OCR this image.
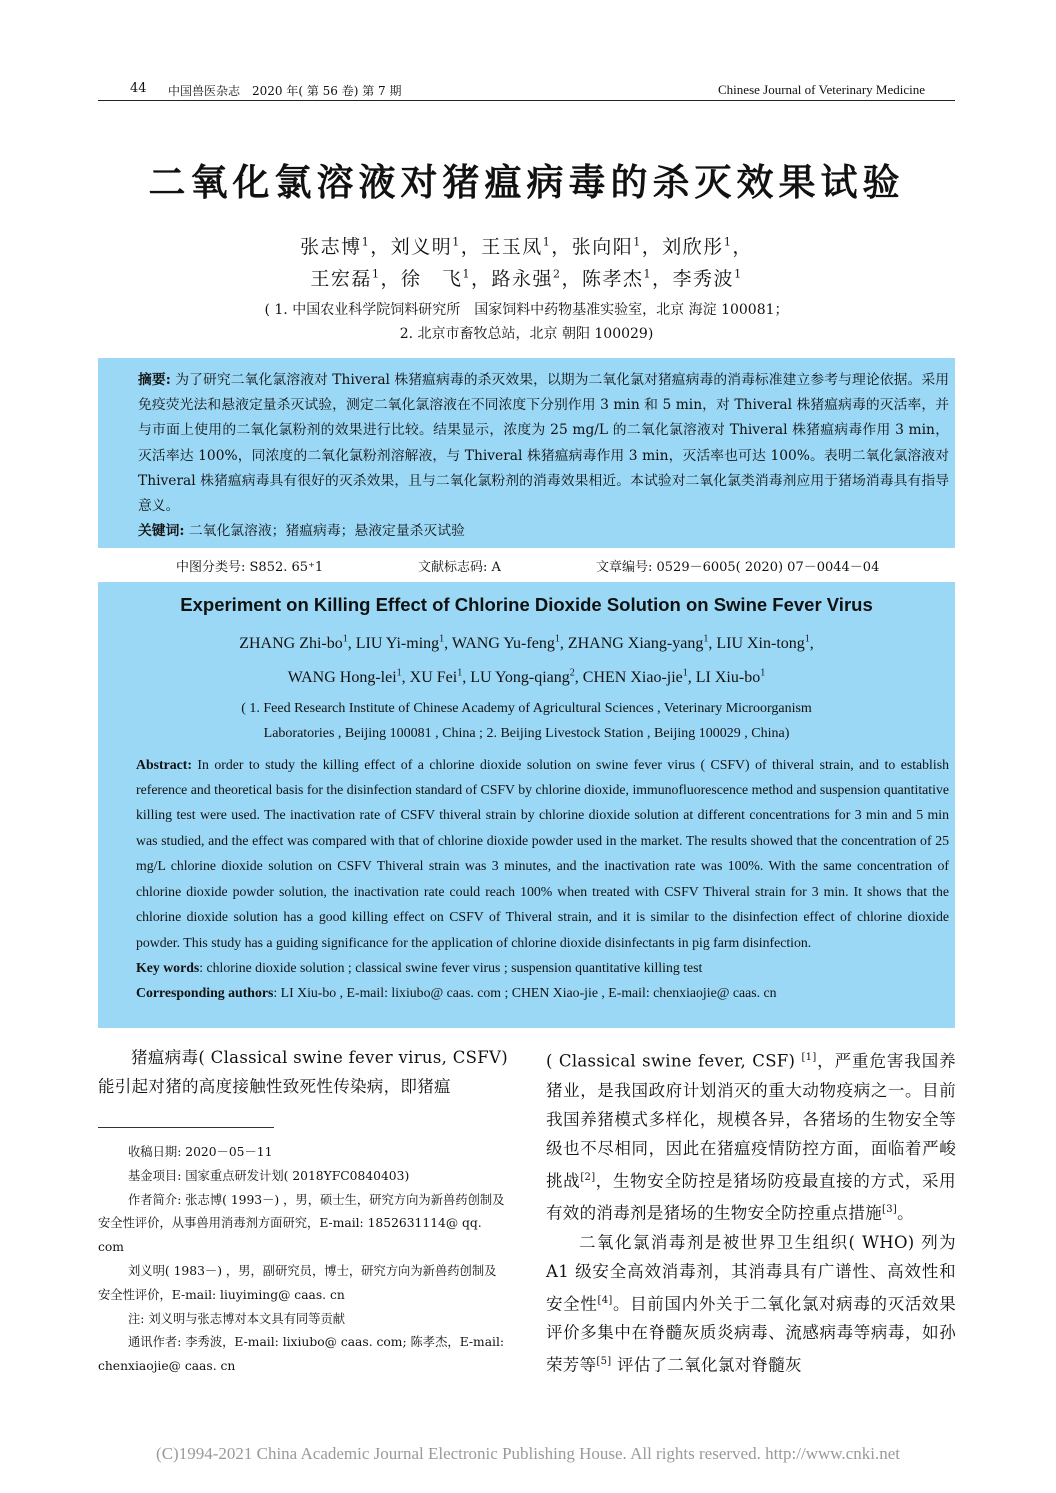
44 中国兽医杂志　2020 年( 第 56 卷) 第 7 期	Chinese Journal of Veterinary Medicine
二氧化氯溶液对猪瘟病毒的杀灭效果试验
张志博$^1$，刘义明$^1$，王玉凤$^1$，张向阳$^1$，刘欣彤$^1$，
王宏磊$^1$，徐　飞$^1$，路永强$^2$，陈孝杰$^1$，李秀波$^1$
( 1. 中国农业科学院饲料研究所　国家饲料中药物基准实验室，北京 海淀 100081；
2. 北京市畜牧总站，北京 朝阳 100029)

摘要: 为了研究二氧化氯溶液对 Thiveral 株猪瘟病毒的杀灭效果，以期为二氧化氯对猪瘟病毒的消毒标准建立参考与理论依据。采用免疫荧光法和悬液定量杀灭试验，测定二氧化氯溶液在不同浓度下分别作用 3 min 和 5 min，对 Thiveral 株猪瘟病毒的灭活率，并与市面上使用的二氧化氯粉剂的效果进行比较。结果显示，浓度为 25 mg/L 的二氧化氯溶液对 Thiveral 株猪瘟病毒作用 3 min，灭活率达 100%，同浓度的二氧化氯粉剂溶解液，与 Thiveral 株猪瘟病毒作用 3 min，灭活率也可达 100%。表明二氧化氯溶液对 Thiveral 株猪瘟病毒具有很好的灭杀效果，且与二氧化氯粉剂的消毒效果相近。本试验对二氧化氯类消毒剂应用于猪场消毒具有指导意义。

关键词: 二氧化氯溶液；猪瘟病毒；悬液定量杀灭试验

中图分类号: S852. 65⁺1	文献标志码: A	文章编号: 0529－6005( 2020) 07－0044－04
Experiment on Killing Effect of Chlorine Dioxide Solution on Swine Fever Virus
ZHANG Zhi-$bo^1$, LIU Yi-ming$^1$, WANG Yu-feng$^1$, ZHANG Xiang-yang$^1$, LIU Xin-tong$^1$,
WANG Hong-lei$^1$, XU Fei$^1$, LU Yong-qiang$^2$, CHEN Xiao-jie$^1$, LI Xiu-$bo^1$
( 1. Feed Research Institute of Chinese Academy of Agricultural Sciences , Veterinary Microorganism
Laboratories , Beijing 100081 , China ; 2. Beijing Livestock Station , Beijing 100029 , China)

Abstract: In order to study the killing effect of a chlorine dioxide solution on swine fever virus ( CSFV) of thiveral strain, and to establish reference and theoretical basis for the disinfection standard of CSFV by chlorine dioxide, immunofluorescence method and suspension quantitative killing test were used. The inactivation rate of CSFV thiveral strain by chlorine dioxide solution at different concentrations for 3 min and 5 min was studied, and the effect was compared with that of chlorine dioxide powder used in the market. The results showed that the concentration of 25 mg/L chlorine dioxide solution on CSFV Thiveral strain was 3 minutes, and the inactivation rate was 100%. With the same concentration of chlorine dioxide powder solution, the inactivation rate could reach 100% when treated with CSFV Thiveral strain for 3 min. It shows that the chlorine dioxide solution has a good killing effect on CSFV of Thiveral strain, and it is similar to the disinfection effect of chlorine dioxide powder. This study has a guiding significance for the application of chlorine dioxide disinfectants in pig farm disinfection.

Key words: chlorine dioxide solution ; classical swine fever virus ; suspension quantitative killing test

Corresponding authors: LI Xiu-bo , E-mail: lixiubo@ caas. com ; CHEN Xiao-jie , E-mail: chenxiaojie@ caas. cn

猪瘟病毒( Classical swine fever virus, CSFV) 能引起对猪的高度接触性致死性传染病，即猪瘟

( Classical swine fever, CSF) [1]，严重危害我国养猪业，是我国政府计划消灭的重大动物疫病之一。目前我国养猪模式多样化，规模各异，各猪场的生物安全等级也不尽相同，因此在猪瘟疫情防控方面，面临着严峻挑战[2]，生物安全防控是猪场防疫最直接的方式，采用有效的消毒剂是猪场的生物安全防控重点措施[3]。

二氧化氯消毒剂是被世界卫生组织( WHO) 列为 A1 级安全高效消毒剂，其消毒具有广谱性、高效性和安全性[4]。目前国内外关于二氧化氯对病毒的灭活效果评价多集中在脊髓灰质炎病毒、流感病毒等病毒，如孙荣芳等[5] 评估了二氧化氯对脊髓灰

收稿日期: 2020－05－11

基金项目: 国家重点研发计划( 2018YFC0840403)

作者简介: 张志博( 1993－) ，男，硕士生，研究方向为新兽药创制及安全性评价，从事兽用消毒剂方面研究，E-mail: 1852631114@ qq. com

刘义明( 1983－) ，男，副研究员，博士，研究方向为新兽药创制及安全性评价，E-mail: liuyiming@ caas. cn

注: 刘义明与张志博对本文具有同等贡献

通讯作者: 李秀波，E-mail: lixiubo@ caas. com; 陈孝杰，E-mail: chenxiaojie@ caas. cn

(C)1994-2021 China Academic Journal Electronic Publishing House. All rights reserved. http://www.cnki.net
